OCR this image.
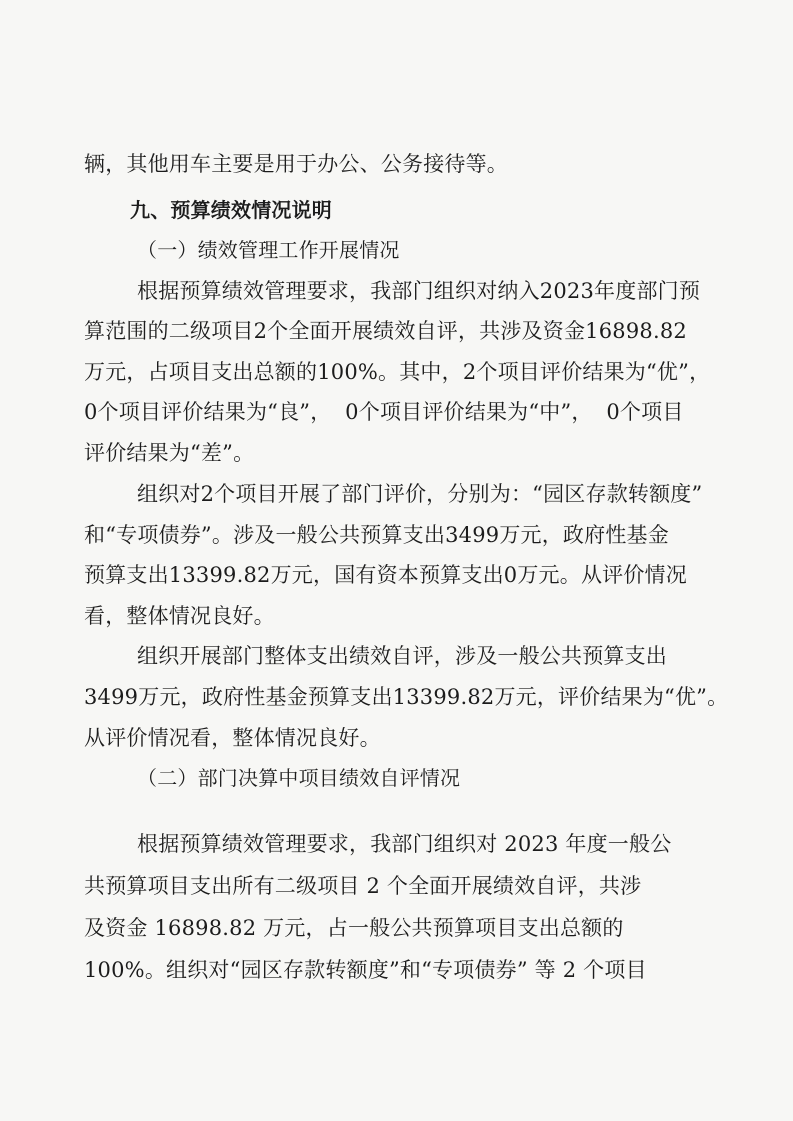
辆，其他用车主要是用于办公、公务接待等。

九、预算绩效情况说明

（一）绩效管理工作开展情况

根据预算绩效管理要求，我部门组织对纳入2023年度部门预

算范围的二级项目2个全面开展绩效自评，共涉及资金16898.82

万元，占项目支出总额的100%。其中，2个项目评价结果为“优”，

0个项目评价结果为“良”，  0个项目评价结果为“中”，  0个项目

评价结果为“差”。

组织对2个项目开展了部门评价，分别为：“园区存款转额度”

和“专项债券”。涉及一般公共预算支出3499万元，政府性基金

预算支出13399.82万元，国有资本预算支出0万元。从评价情况

看，整体情况良好。

组织开展部门整体支出绩效自评，涉及一般公共预算支出

3499万元，政府性基金预算支出13399.82万元，评价结果为“优”。

从评价情况看，整体情况良好。

（二）部门决算中项目绩效自评情况

根据预算绩效管理要求，我部门组织对 2023 年度一般公

共预算项目支出所有二级项目 2 个全面开展绩效自评，共涉

及资金 16898.82 万元，占一般公共预算项目支出总额的

100%。组织对“园区存款转额度”和“专项债券” 等 2 个项目
